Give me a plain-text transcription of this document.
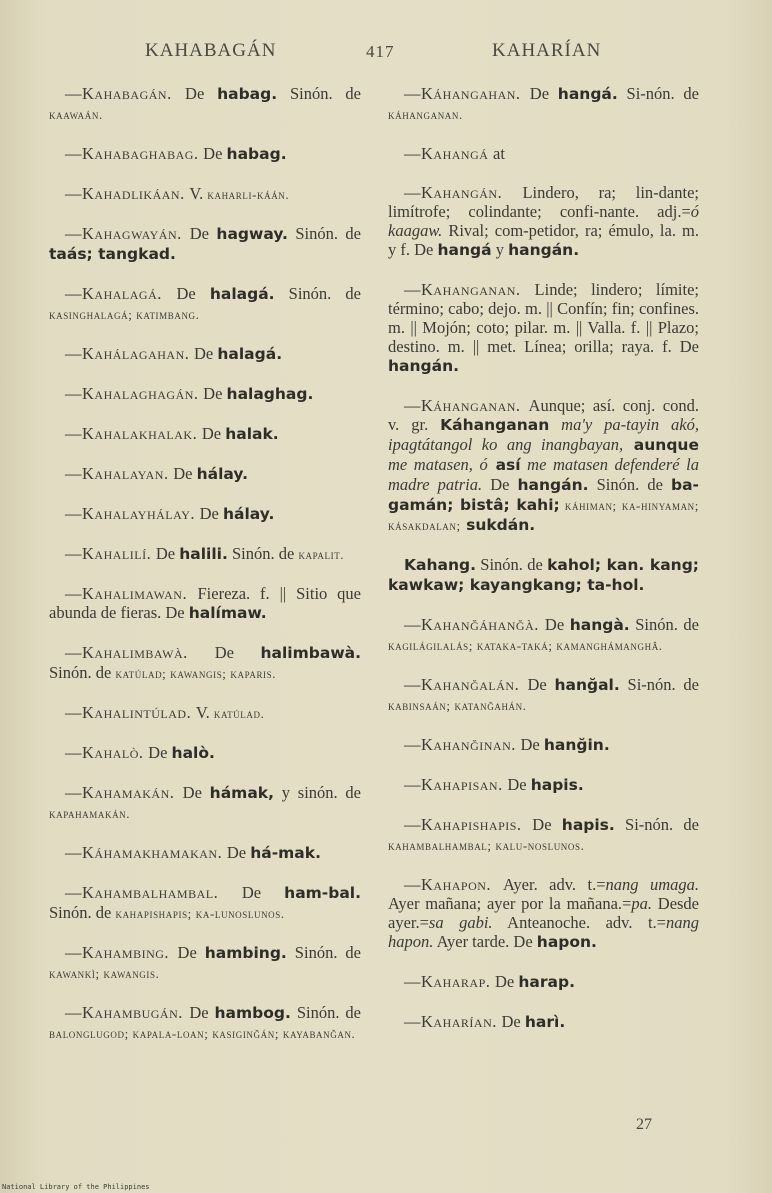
KAHABAGÁN	417	KAHARÍAN

—Kahabagán. De habag. Sinón. de kaawaán.

—Kahabaghabag. De habag.

—Kahadlikáan. V. kaharli-káán.

—Kahagwayán. De hagway. Sinón. de taás; tangkad.

—Kahalagá. De halagá. Sinón. de kasinghalagá; katimbang.

—Kahálagahan. De halagá.

—Kahalaghagán. De halaghag.

—Kahalakhalak. De halak.

—Kahalayan. De hálay.

—Kahalayhálay. De hálay.

—Kahalilí. De halili. Sinón. de kapalit.

—Kahalimawan. Fiereza. f. || Sitio que abunda de fieras. De halímaw.

—Kahalimbawà. De halimbawà. Sinón. de katúlad; kawangis; kaparis.

—Kahalintúlad. V. katúlad.

—Kahalò. De halò.

—Kahamakán. De hámak, y sinón. de kapahamakán.

—Káhamakhamakan. De há-mak.

—Kahambalhambal. De ham-bal. Sinón. de kahapishapis; ka-lunoslunos.

—Kahambing. De hambing. Sinón. de kawankì; kawangis.

—Kahambugán. De hambog. Sinón. de balonglugod; kapala-loan; kasiginğán; kayabanğan.

—Káhangahan. De hangá. Si-nón. de káhanganan.

—Kahangá at

—Kahangán. Lindero, ra; lin-dante; limítrofe; colindante; confi-nante. adj.=ó kaagaw. Rival; com-petidor, ra; émulo, la. m. y f. De hangá y hangán.

—Kahanganan. Linde; lindero; límite; término; cabo; dejo. m. || Confín; fin; confines. m. || Mojón; coto; pilar. m. || Valla. f. || Plazo; destino. m. || met. Línea; orilla; raya. f. De hangán.

—Káhanganan. Aunque; así. conj. cond. v. gr. Káhanganan ma'y pa-tayin akó, ipagtátangol ko ang inangbayan, aunque me matasen, ó así me matasen defenderé la madre patria. De hangán. Sinón. de ba-gamán; bistâ; kahi; káhiman; ka-hinyaman; kásakdalan; sukdán.

Kahang. Sinón. de kahol; kan. kang; kawkaw; kayangkang; ta-hol.

—Kahanğáhanğà. De hangà. Sinón. de kagilágilalás; kataka-taká; kamanghámanghâ.

—Kahanğalán. De hanğal. Si-nón. de kabinsaán; katanğahán.

—Kahanğinan. De hanğin.

—Kahapisan. De hapis.

—Kahapishapis. De hapis. Si-nón. de kahambalhambal; kalu-noslunos.

—Kahapon. Ayer. adv. t.=nang umaga. Ayer mañana; ayer por la mañana.=pa. Desde ayer.=sa gabi. Anteanoche. adv. t.=nang hapon. Ayer tarde. De hapon.

—Kaharap. De harap.

—Kaharían. De harì.

27
National Library of the Philippines
